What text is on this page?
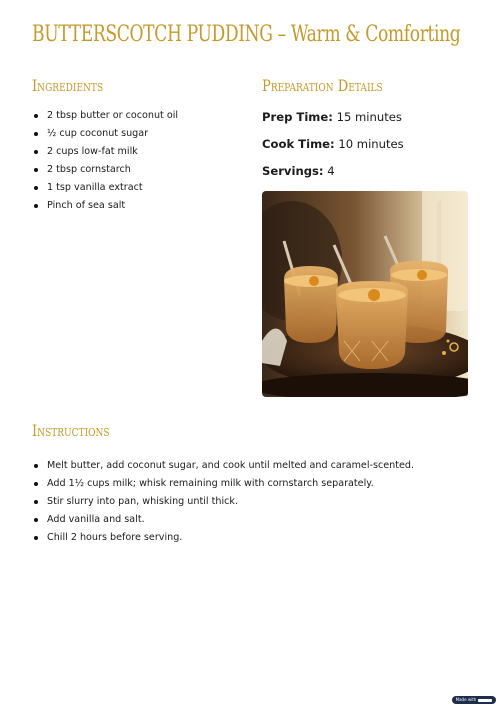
BUTTERSCOTCH PUDDING – Warm & Comforting
Ingredients
2 tbsp butter or coconut oil
½ cup coconut sugar
2 cups low-fat milk
2 tbsp cornstarch
1 tsp vanilla extract
Pinch of sea salt
Preparation Details

Prep Time: 15 minutes

Cook Time: 10 minutes

Servings: 4

Instructions
Melt butter, add coconut sugar, and cook until melted and caramel-scented.
Add 1½ cups milk; whisk remaining milk with cornstarch separately.
Stir slurry into pan, whisking until thick.
Add vanilla and salt.
Chill 2 hours before serving.
Made with
